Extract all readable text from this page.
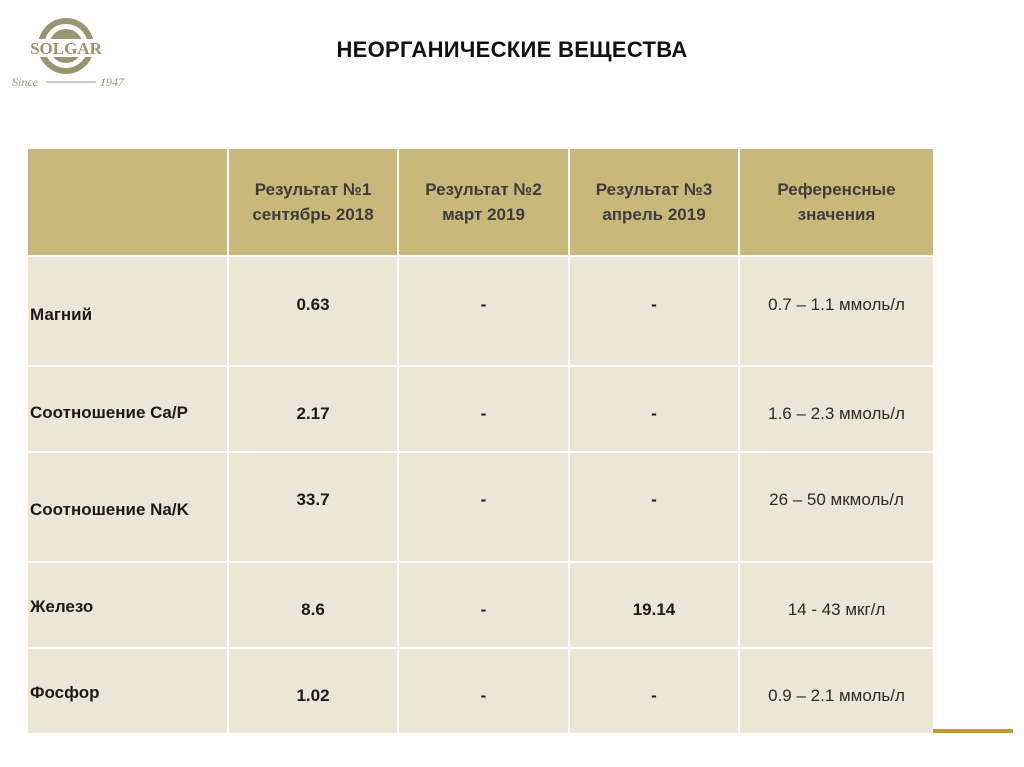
SOLGAR
Since	1947
НЕОРГАНИЧЕСКИЕ ВЕЩЕСТВА

	Результат №1 сентябрь 2018	Результат №2 март 2019	Результат №3 апрель 2019	Референсные значения

Магний	0.63	-	-	0.7 – 1.1 ммоль/л
Соотношение Ca/P	2.17	-	-	1.6 – 2.3 ммоль/л
Соотношение Na/K	33.7	-	-	26 – 50 мкмоль/л
Железо	8.6	-	19.14	14 - 43 мкг/л
Фосфор	1.02	-	-	0.9 – 2.1 ммоль/л
